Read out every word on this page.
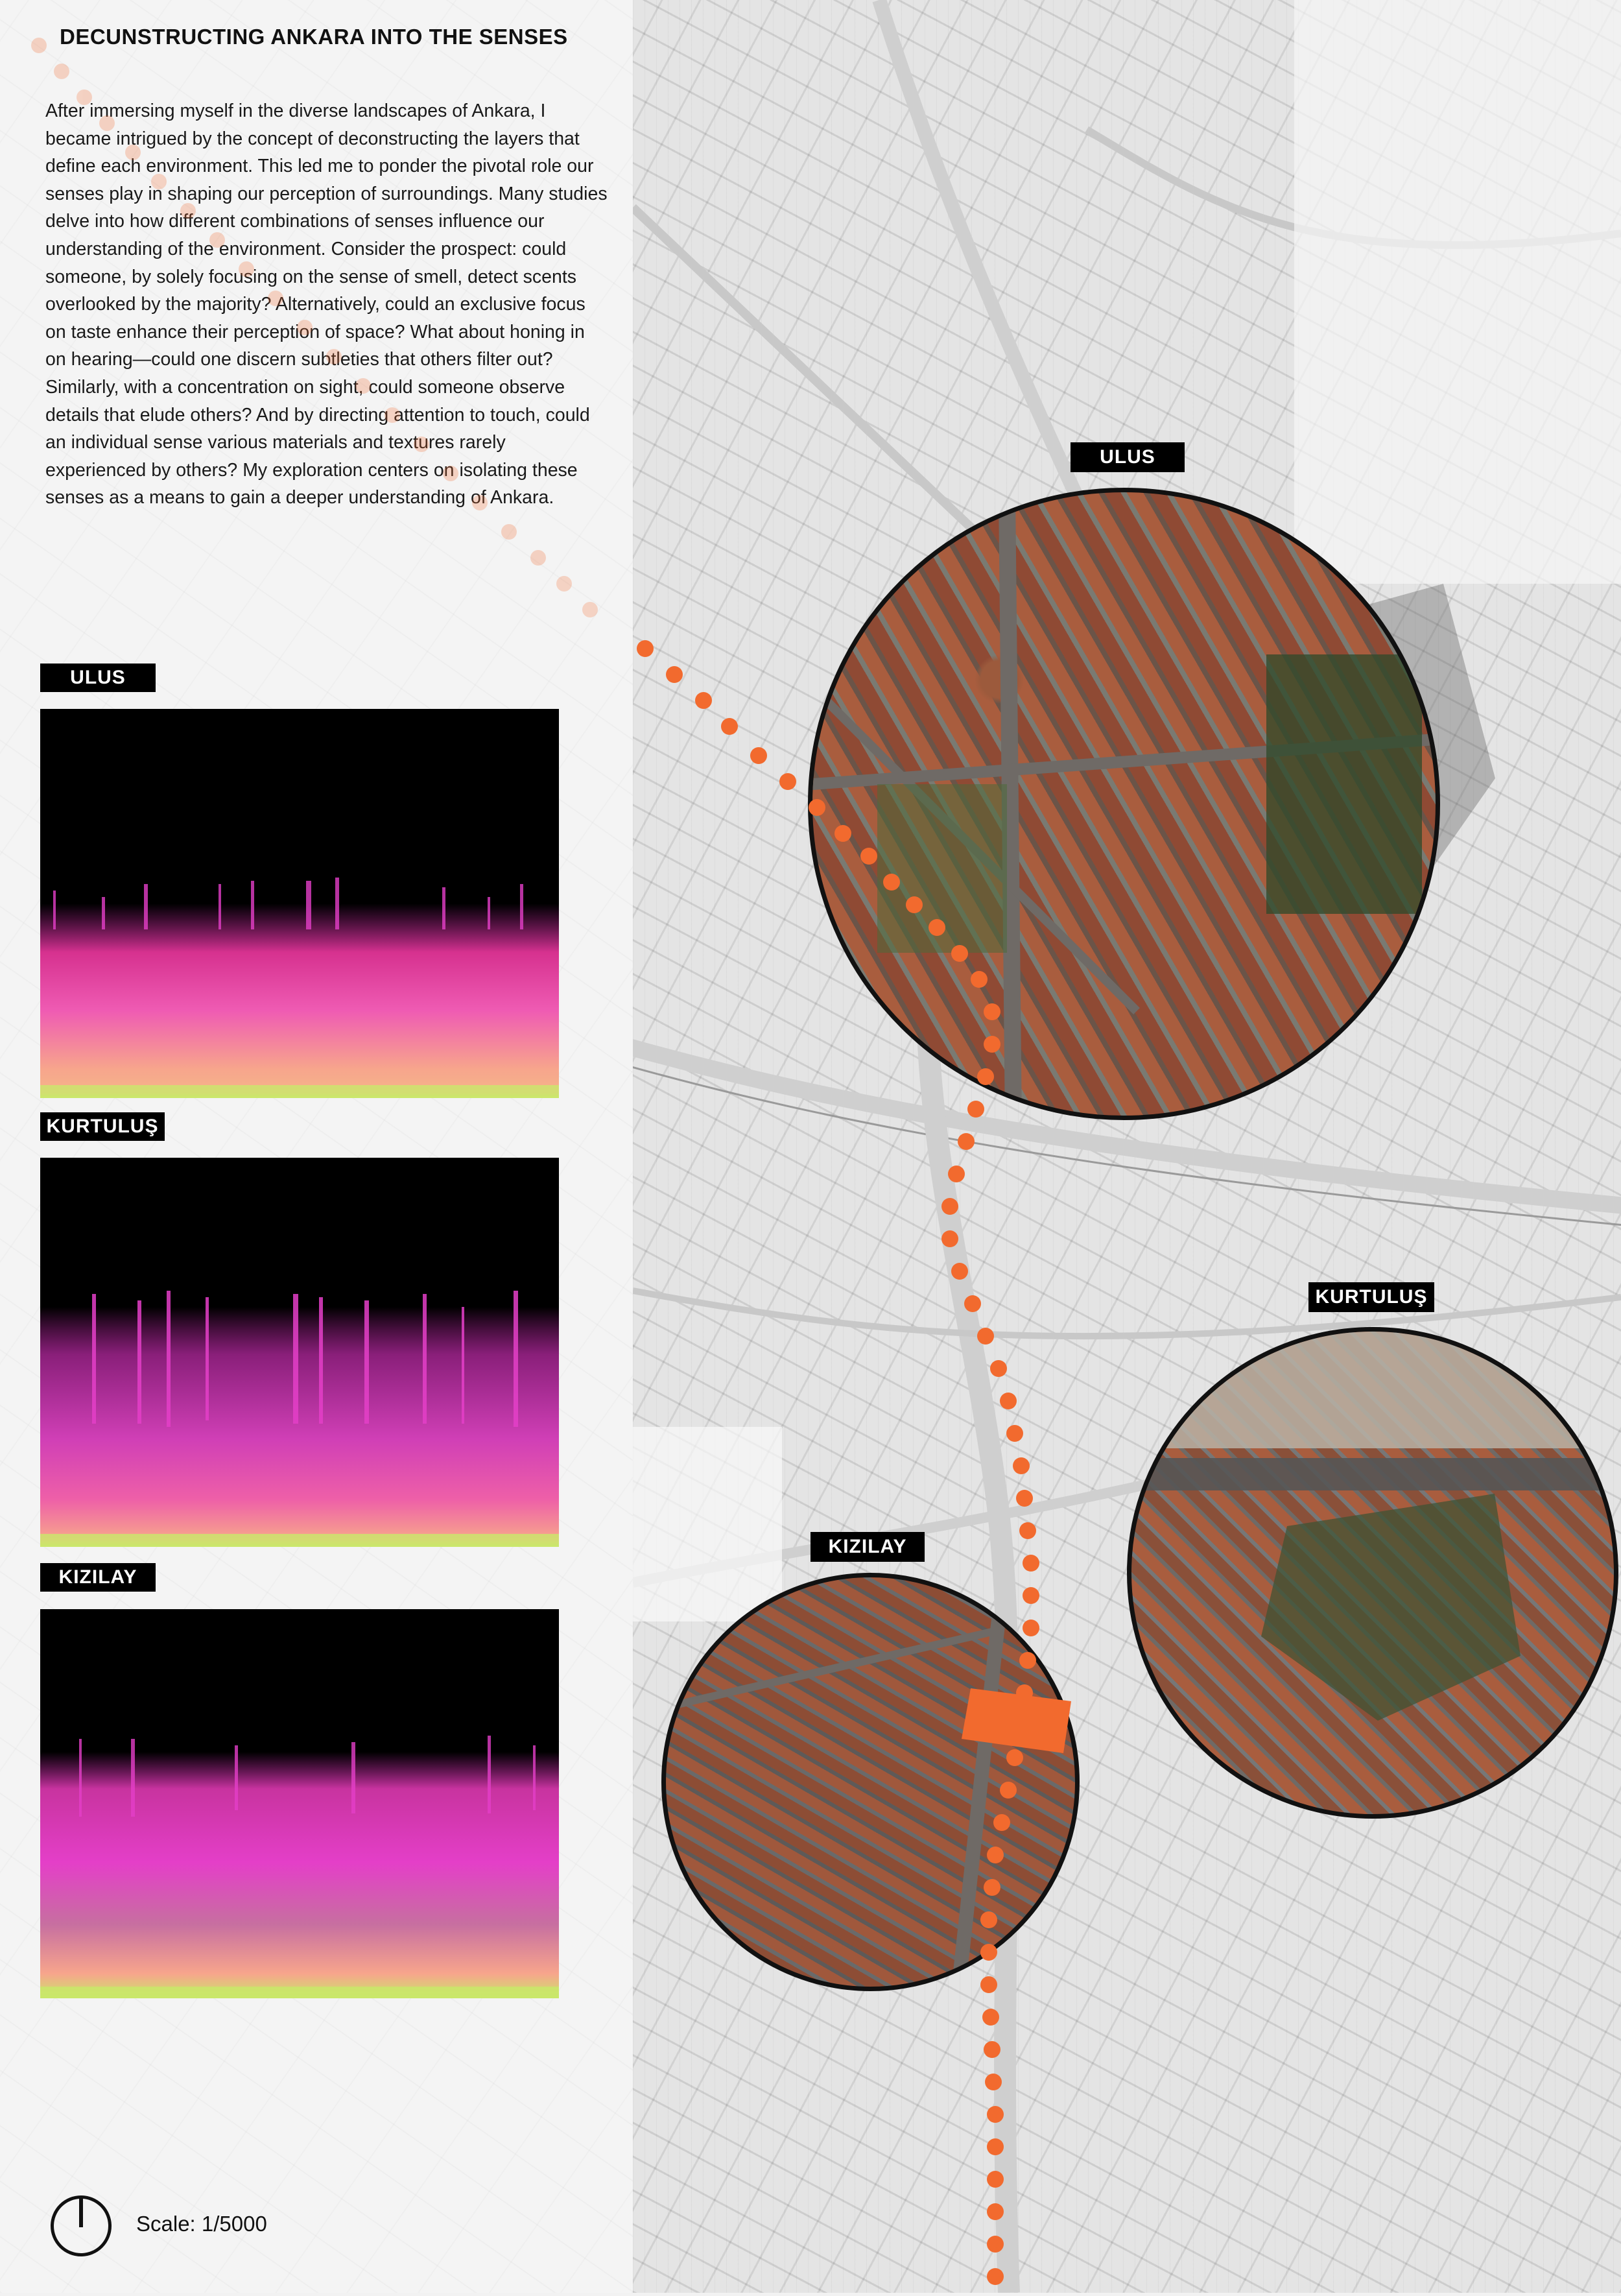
DECUNSTRUCTING ANKARA INTO THE SENSES

After immersing myself in the diverse landscapes of Ankara, I became intrigued by the concept of deconstructing the layers that define each environment. This led me to ponder the pivotal role our senses play in shaping our perception of surroundings. Many studies delve into how different combinations of senses influence our understanding of the environment. Consider the prospect: could someone, by solely focusing on the sense of smell, detect scents overlooked by the majority? Alternatively, could an exclusive focus on taste enhance their perception of space? What about honing in on hearing—could one discern subtleties that others filter out? Similarly, with a concentration on sight, could someone observe details that elude others? And by directing attention to touch, could an individual sense various materials and textures rarely experienced by others? My exploration centers on isolating these senses as a means to gain a deeper understanding of Ankara.

ULUS
KURTULUŞ
KIZILAY
ULUS
KURTULUŞ
KIZILAY
Scale: 1/5000
